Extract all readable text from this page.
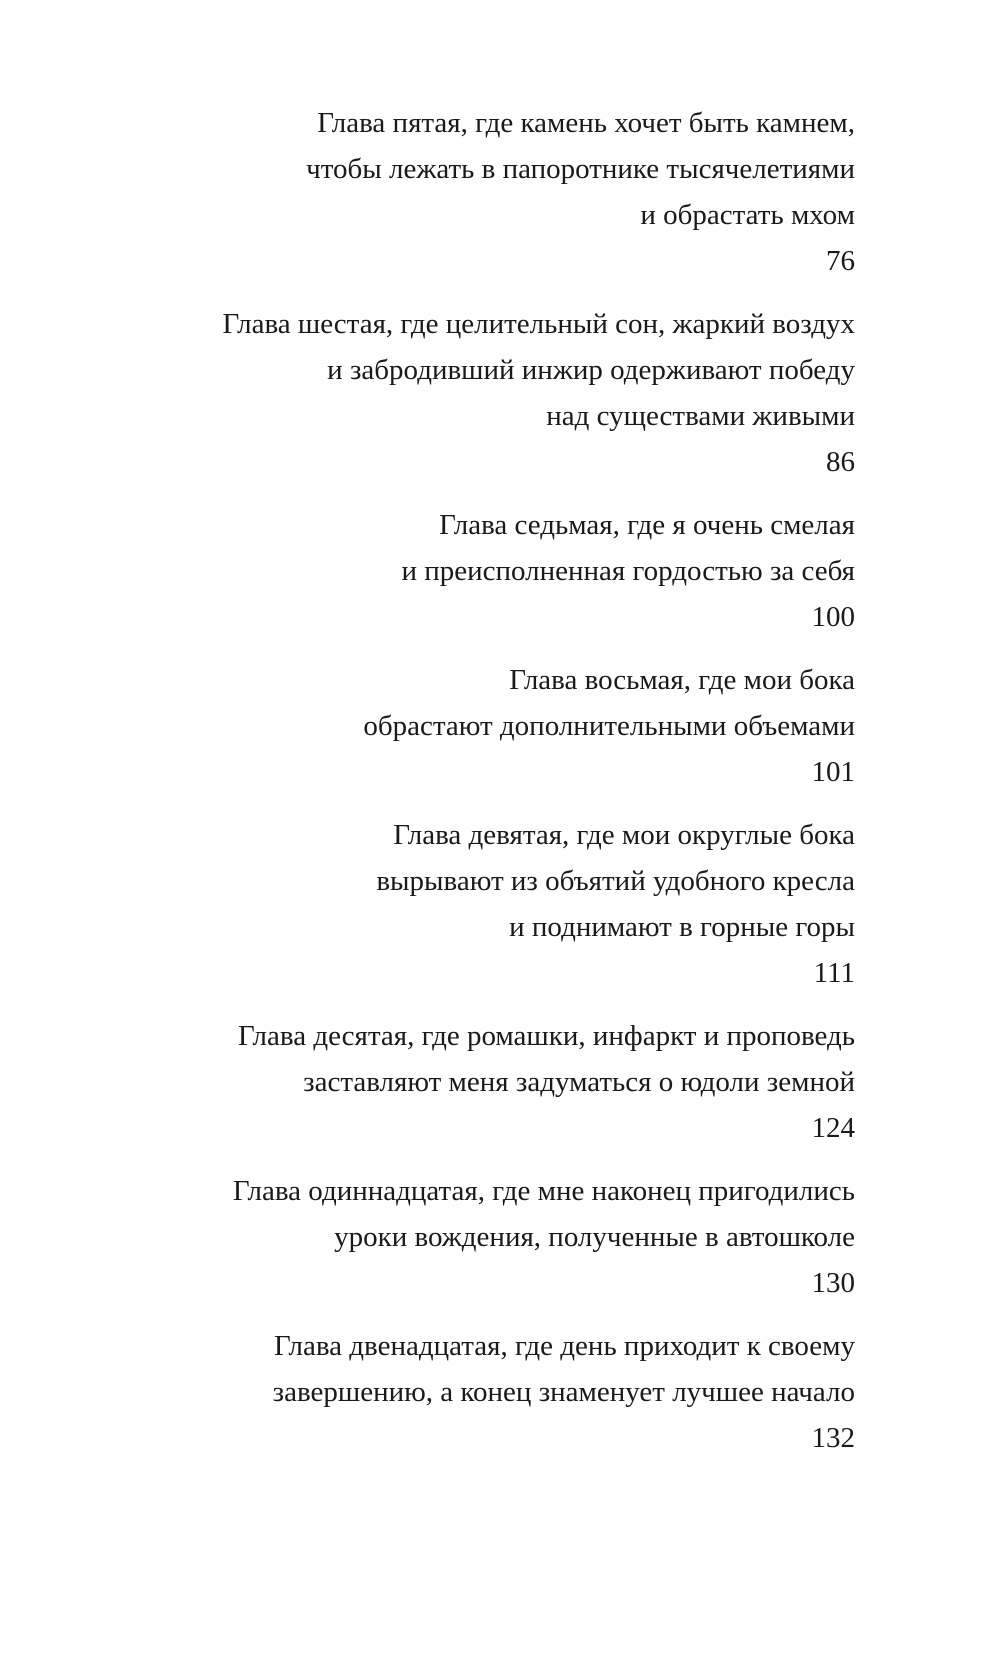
Глава пятая, где камень хочет быть камнем,
чтобы лежать в папоротнике тысячелетиями
и обрастать мхом
76
Глава шестая, где целительный сон, жаркий воздух
и забродивший инжир одерживают победу
над существами живыми
86
Глава седьмая, где я очень смелая
и преисполненная гордостью за себя
100
Глава восьмая, где мои бока
обрастают дополнительными объемами
101
Глава девятая, где мои округлые бока
вырывают из объятий удобного кресла
и поднимают в горные горы
111
Глава десятая, где ромашки, инфаркт и проповедь
заставляют меня задуматься о юдоли земной
124
Глава одиннадцатая, где мне наконец пригодились
уроки вождения, полученные в автошколе
130
Глава двенадцатая, где день приходит к своему
завершению, а конец знаменует лучшее начало
132
